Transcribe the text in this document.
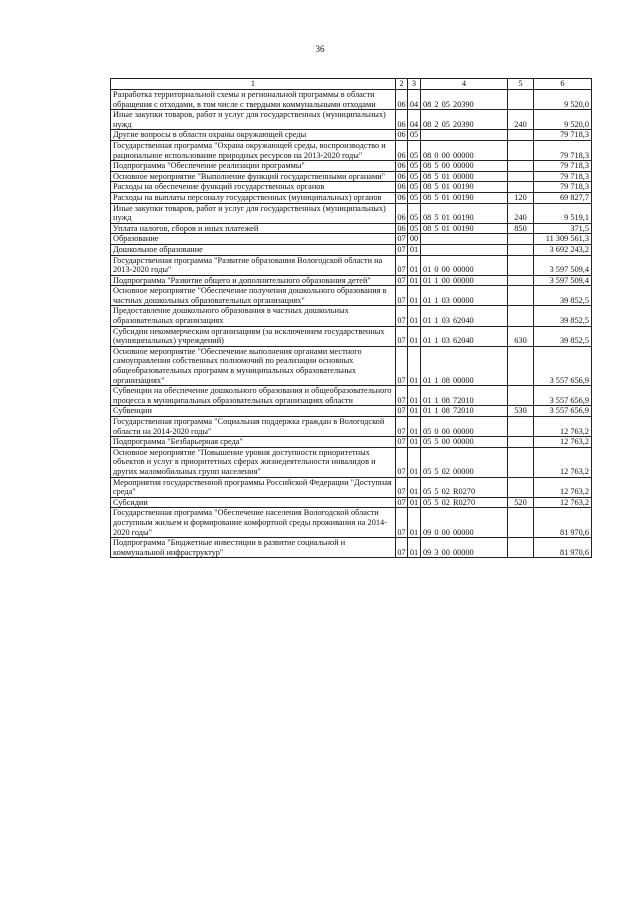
36
1	2	3	4	5	6
Разработка территориальной схемы и региональной программы в области обращения с отходами, в том числе с твердыми коммунальными отходами	06	04	08 2 05 20390		9 520,0
Иные закупки товаров, работ и услуг для государственных (муниципальных) нужд	06	04	08 2 05 20390	240	9 520,0
Другие вопросы в области охраны окружающей среды	06	05			79 718,3
Государственная программа "Охрана окружающей среды, воспроизводство и рациональное использование природных ресурсов на 2013-2020 годы"	06	05	08 0 00 00000		79 718,3
Подпрограмма "Обеспечение реализации программы"	06	05	08 5 00 00000		79 718,3
Основное мероприятие "Выполнение функций государственными органами"	06	05	08 5 01 00000		79 718,3
Расходы на обеспечение функций государственных органов	06	05	08 5 01 00190		79 718,3
Расходы на выплаты персоналу государственных (муниципальных) органов	06	05	08 5 01 00190	120	69 827,7
Иные закупки товаров, работ и услуг для государственных (муниципальных) нужд	06	05	08 5 01 00190	240	9 519,1
Уплата налогов, сборов и иных платежей	06	05	08 5 01 00190	850	371,5
Образование	07	00			11 309 561,3
Дошкольное образование	07	01			3 692 243,2
Государственная программа "Развитие образования Вологодской области на 2013-2020 годы"	07	01	01 0 00 00000		3 597 509,4
Подпрограмма "Развитие общего и дополнительного образования детей"	07	01	01 1 00 00000		3 597 509,4
Основное мероприятие "Обеспечение получения дошкольного образования в частных дошкольных образовательных организациях"	07	01	01 1 03 00000		39 852,5
Предоставление дошкольного образования в частных дошкольных образовательных организациях	07	01	01 1 03 62040		39 852,5
Субсидии некоммерческим организациям (за исключением государственных (муниципальных) учреждений)	07	01	01 1 03 62040	630	39 852,5
Основное мероприятие "Обеспечение выполнения органами местного самоуправления собственных полномочий по реализации основных общеобразовательных программ в муниципальных образовательных организациях"	07	01	01 1 08 00000		3 557 656,9
Субвенции на обеспечение дошкольного образования и общеобразовательного процесса в муниципальных образовательных организациях области	07	01	01 1 08 72010		3 557 656,9
Субвенции	07	01	01 1 08 72010	530	3 557 656,9
Государственная программа "Социальная поддержка граждан в Вологодской области на 2014-2020 годы"	07	01	05 0 00 00000		12 763,2
Подпрограмма "Безбарьерная среда"	07	01	05 5 00 00000		12 763,2
Основное мероприятие "Повышение уровня доступности приоритетных объектов и услуг в приоритетных сферах жизнедеятельности инвалидов и других маломобильных групп населения"	07	01	05 5 02 00000		12 763,2
Мероприятия государственной программы Российской Федерации "Доступная среда"	07	01	05 5 02 R0270		12 763,2
Субсидии	07	01	05 5 02 R0270	520	12 763,2
Государственная программа "Обеспечение населения Вологодской области доступным жильем и формирование комфортной среды проживания на 2014-2020 годы"	07	01	09 0 00 00000		81 970,6
Подпрограмма "Бюджетные инвестиции в развитие социальной и коммунальной инфраструктур"	07	01	09 3 00 00000		81 970,6
